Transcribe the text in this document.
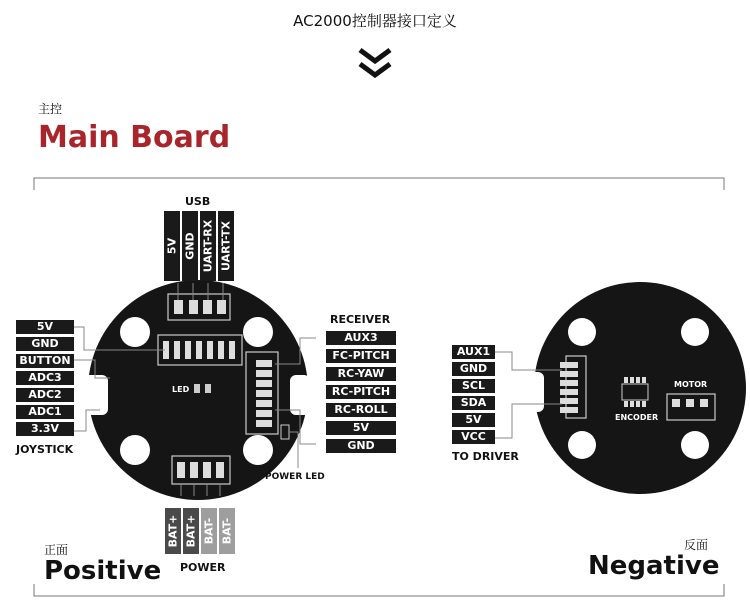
AC2000控制器接口定义
主控
Main Board
LED
USB
5V GND UART-RX UART-TX
5V
GND
BUTTON
ADC3
ADC2
ADC1
3.3V
JOYSTICK
RECEIVER
AUX3
FC-PITCH
RC-YAW
RC-PITCH
RC-ROLL
5V
GND
POWER LED
BAT+ BAT+ BAT- BAT-
POWER
正面
Positive
ENCODER
MOTOR
AUX1
GND
SCL
SDA
5V
VCC
TO DRIVER
反面
Negative
